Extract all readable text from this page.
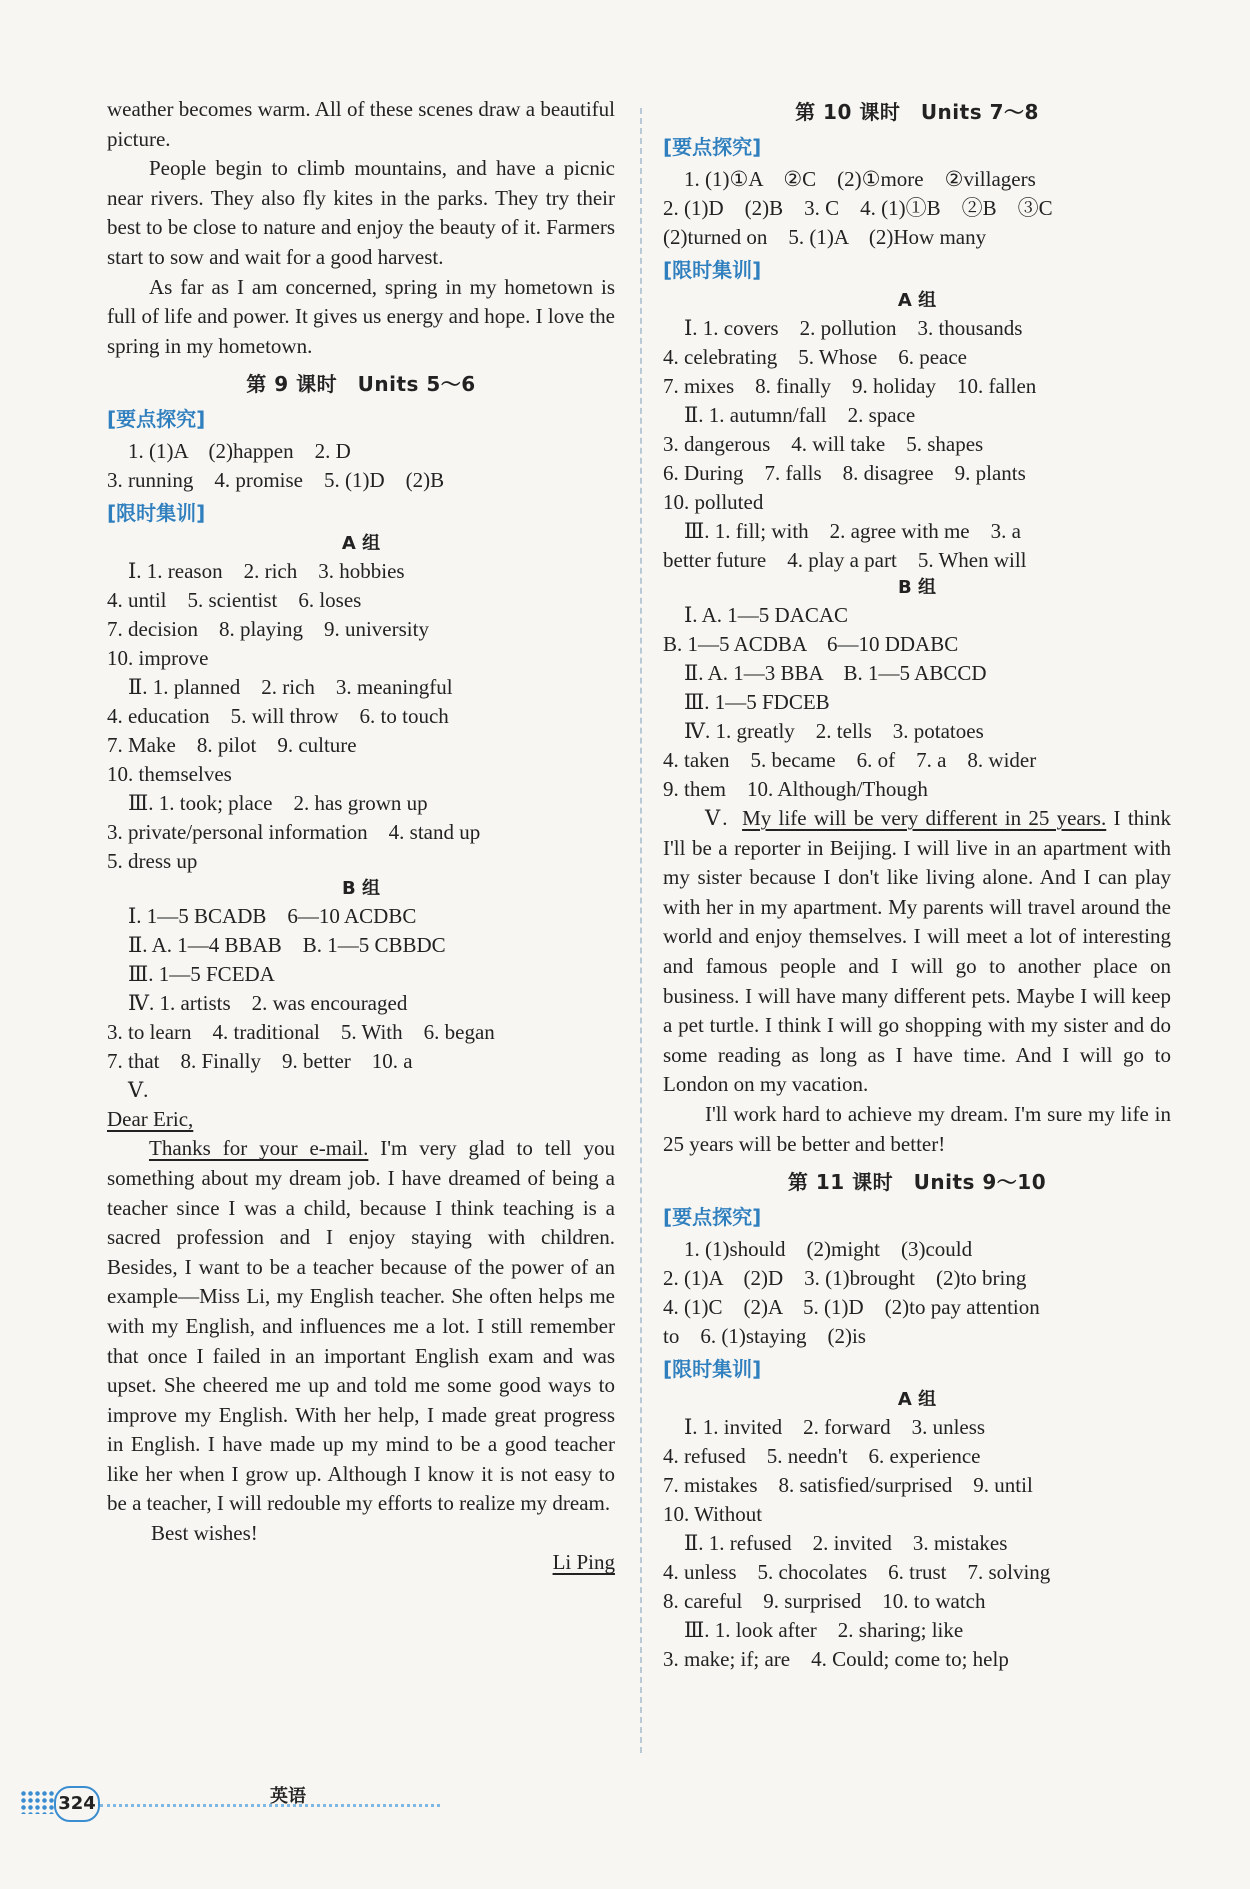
weather becomes warm. All of these scenes draw a beautiful picture.

People begin to climb mountains, and have a picnic near rivers. They also fly kites in the parks. They try their best to be close to nature and enjoy the beauty of it. Farmers start to sow and wait for a good harvest.

As far as I am concerned, spring in my hometown is full of life and power. It gives us energy and hope. I love the spring in my hometown.

第 9 课时　Units 5～6
[要点探究]
1. (1)A　(2)happen　2. D
3. running　4. promise　5. (1)D　(2)B
[限时集训]
A 组
Ⅰ. 1. reason　2. rich　3. hobbies
4. until　5. scientist　6. loses
7. decision　8. playing　9. university
10. improve
Ⅱ. 1. planned　2. rich　3. meaningful
4. education　5. will throw　6. to touch
7. Make　8. pilot　9. culture
10. themselves
Ⅲ. 1. took; place　2. has grown up
3. private/personal information　4. stand up
5. dress up
B 组
Ⅰ. 1—5 BCADB　6—10 ACDBC
Ⅱ. A. 1—4 BBAB　B. 1—5 CBBDC
Ⅲ. 1—5 FCEDA
Ⅳ. 1. artists　2. was encouraged
3. to learn　4. traditional　5. With　6. began
7. that　8. Finally　9. better　10. a
Ⅴ.
Dear Eric,

Thanks for your e-mail. I'm very glad to tell you something about my dream job. I have dreamed of being a teacher since I was a child, because I think teaching is a sacred profession and I enjoy staying with children. Besides, I want to be a teacher because of the power of an example—Miss Li, my English teacher. She often helps me with my English, and influences me a lot. I still remember that once I failed in an important English exam and was upset. She cheered me up and told me some good ways to improve my English. With her help, I made great progress in English. I have made up my mind to be a good teacher like her when I grow up. Although I know it is not easy to be a teacher, I will redouble my efforts to realize my dream.

Best wishes!
Li Ping
第 10 课时　Units 7～8
[要点探究]
1. (1)①A　②C　(2)①more　②villagers
2. (1)D　(2)B　3. C　4. (1)①B　②B　③C
(2)turned on　5. (1)A　(2)How many
[限时集训]
A 组
Ⅰ. 1. covers　2. pollution　3. thousands
4. celebrating　5. Whose　6. peace
7. mixes　8. finally　9. holiday　10. fallen
Ⅱ. 1. autumn/fall　2. space
3. dangerous　4. will take　5. shapes
6. During　7. falls　8. disagree　9. plants
10. polluted
Ⅲ. 1. fill; with　2. agree with me　3. a
better future　4. play a part　5. When will
B 组
Ⅰ. A. 1—5 DACAC
B. 1—5 ACDBA　6—10 DDABC
Ⅱ. A. 1—3 BBA　B. 1—5 ABCCD
Ⅲ. 1—5 FDCEB
Ⅳ. 1. greatly　2. tells　3. potatoes
4. taken　5. became　6. of　7. a　8. wider
9. them　10. Although/Though

Ⅴ. My life will be very different in 25 years. I think I'll be a reporter in Beijing. I will live in an apartment with my sister because I don't like living alone. And I can play with her in my apartment. My parents will travel around the world and enjoy themselves. I will meet a lot of interesting and famous people and I will go to another place on business. I will have many different pets. Maybe I will keep a pet turtle. I think I will go shopping with my sister and do some reading as long as I have time. And I will go to London on my vacation.

I'll work hard to achieve my dream. I'm sure my life in 25 years will be better and better!

第 11 课时　Units 9～10
[要点探究]
1. (1)should　(2)might　(3)could
2. (1)A　(2)D　3. (1)brought　(2)to bring
4. (1)C　(2)A　5. (1)D　(2)to pay attention
to　6. (1)staying　(2)is
[限时集训]
A 组
Ⅰ. 1. invited　2. forward　3. unless
4. refused　5. needn't　6. experience
7. mistakes　8. satisfied/surprised　9. until
10. Without
Ⅱ. 1. refused　2. invited　3. mistakes
4. unless　5. chocolates　6. trust　7. solving
8. careful　9. surprised　10. to watch
Ⅲ. 1. look after　2. sharing; like
3. make; if; are　4. Could; come to; help
324	英语
